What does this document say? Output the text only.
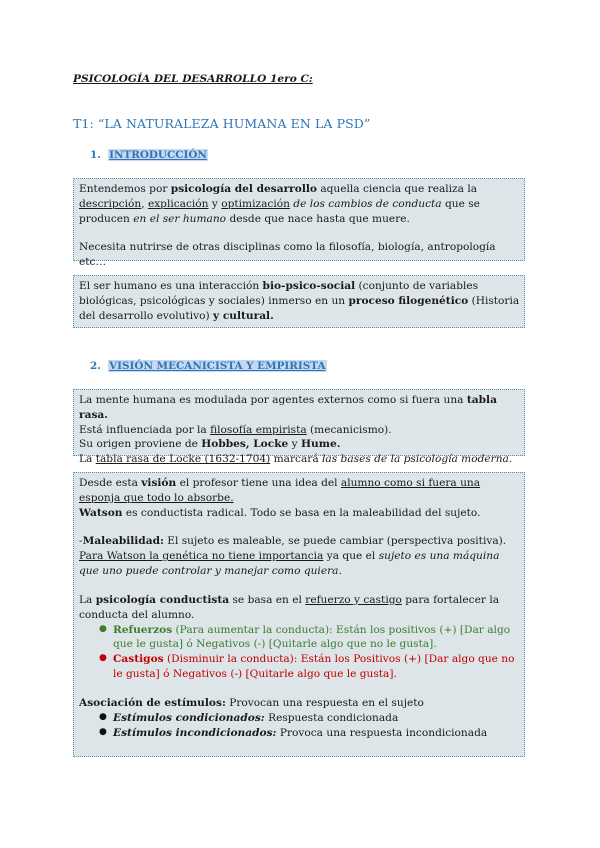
PSICOLOGÍA DEL DESARROLLO 1ero C:

T1: “LA NATURALEZA HUMANA EN LA PSD”

1. INTRODUCCIÓN

Entendemos por psicología del desarrollo aquella ciencia que realiza la descripción, explicación y optimización de los cambios de conducta que se producen en el ser humano desde que nace hasta que muere.

Necesita nutrirse de otras disciplinas como la filosofía, biología, antropología etc…

El ser humano es una interacción bio-psico-social (conjunto de variables biológicas, psicológicas y sociales) inmerso en un proceso filogenético (Historia del desarrollo evolutivo) y cultural.

2. VISIÓN MECANICISTA Y EMPIRISTA

La mente humana es modulada por agentes externos como si fuera una tabla rasa.

Está influenciada por la filosofía empirista (mecanicismo).

Su origen proviene de Hobbes, Locke y Hume.

La tabla rasa de Locke (1632-1704) marcará las bases de la psicología moderna.

Desde esta visión el profesor tiene una idea del alumno como si fuera una esponja que todo lo absorbe.
Watson es conductista radical. Todo se basa en la maleabilidad del sujeto.

-Maleabilidad: El sujeto es maleable, se puede cambiar (perspectiva positiva). Para Watson la genética no tiene importancia ya que el sujeto es una máquina que uno puede controlar y manejar como quiera.

La psicología conductista se basa en el refuerzo y castigo para fortalecer la conducta del alumno.

● Refuerzos (Para aumentar la conducta): Están los positivos (+) [Dar algo que le gusta] ó Negativos (-) [Quitarle algo que no le gusta].
● Castigos (Disminuir la conducta): Están los Positivos (+) [Dar algo que no le gusta] ó Negativos (-) [Quitarle algo que le gusta].

Asociación de estímulos: Provocan una respuesta en el sujeto

● Estímulos condicionados: Respuesta condicionada
● Estímulos incondicionados: Provoca una respuesta incondicionada
